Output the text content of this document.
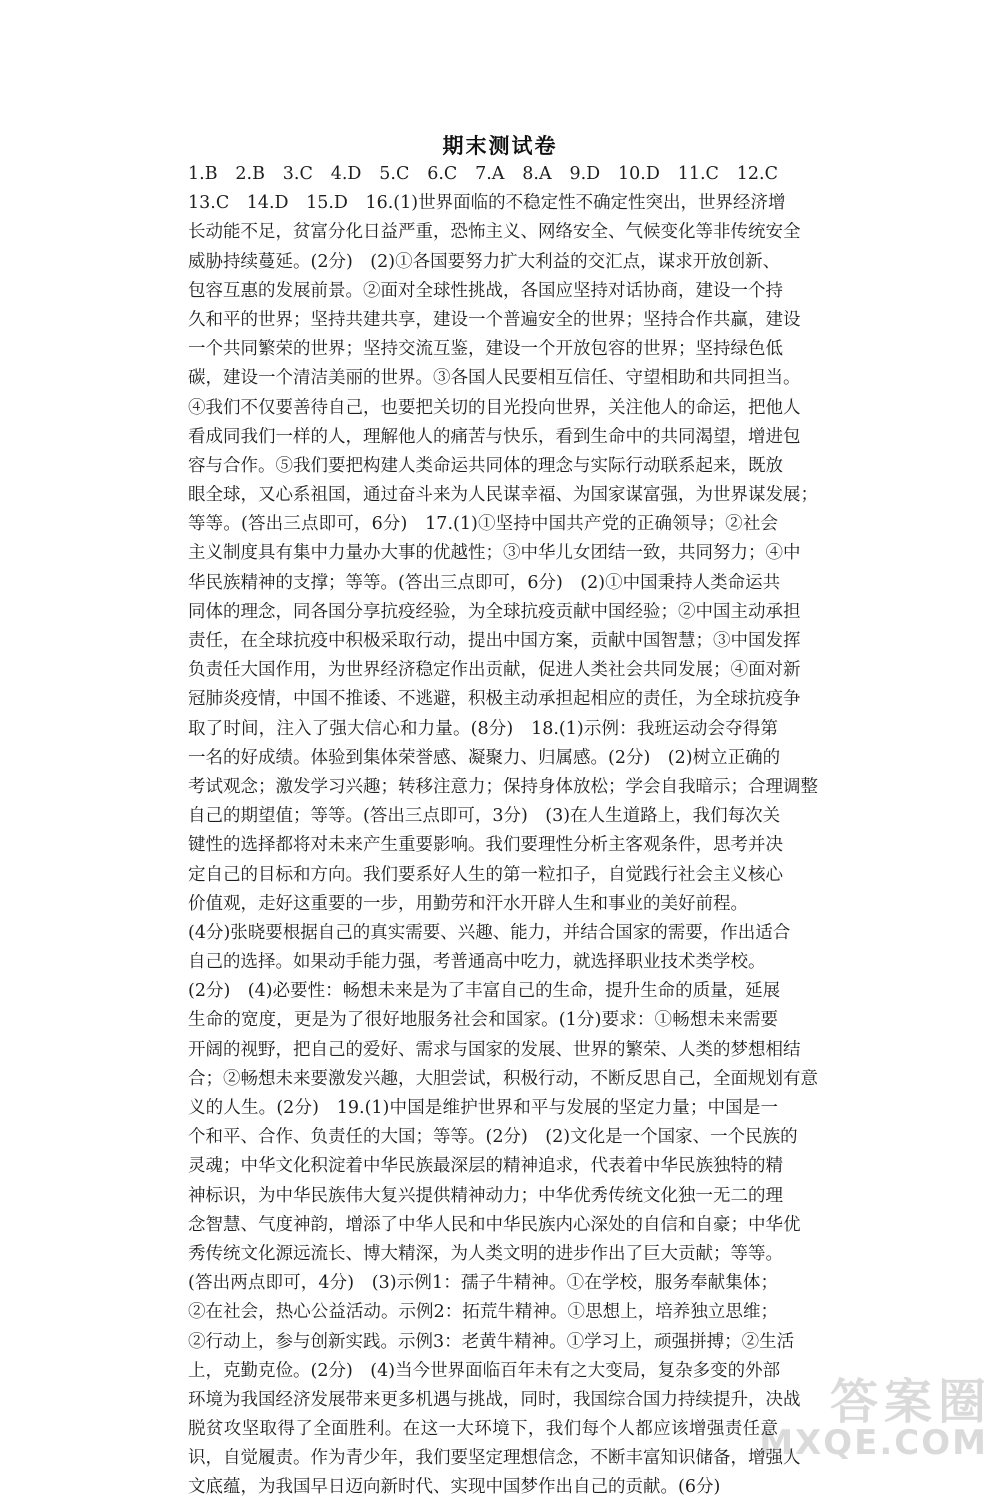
期末测试卷
1.B　2.B　3.C　4.D　5.C　6.C　7.A　8.A　9.D　10.D　11.C　12.C
13.C　14.D　15.D　16.(1)世界面临的不稳定性不确定性突出，世界经济增
长动能不足，贫富分化日益严重，恐怖主义、网络安全、气候变化等非传统安全
威胁持续蔓延。(2分)　(2)①各国要努力扩大利益的交汇点，谋求开放创新、
包容互惠的发展前景。②面对全球性挑战，各国应坚持对话协商，建设一个持
久和平的世界；坚持共建共享，建设一个普遍安全的世界；坚持合作共赢，建设
一个共同繁荣的世界；坚持交流互鉴，建设一个开放包容的世界；坚持绿色低
碳，建设一个清洁美丽的世界。③各国人民要相互信任、守望相助和共同担当。
④我们不仅要善待自己，也要把关切的目光投向世界，关注他人的命运，把他人
看成同我们一样的人，理解他人的痛苦与快乐，看到生命中的共同渴望，增进包
容与合作。⑤我们要把构建人类命运共同体的理念与实际行动联系起来，既放
眼全球，又心系祖国，通过奋斗来为人民谋幸福、为国家谋富强，为世界谋发展；
等等。(答出三点即可，6分)　17.(1)①坚持中国共产党的正确领导；②社会
主义制度具有集中力量办大事的优越性；③中华儿女团结一致，共同努力；④中
华民族精神的支撑；等等。(答出三点即可，6分)　(2)①中国秉持人类命运共
同体的理念，同各国分享抗疫经验，为全球抗疫贡献中国经验；②中国主动承担
责任，在全球抗疫中积极采取行动，提出中国方案，贡献中国智慧；③中国发挥
负责任大国作用，为世界经济稳定作出贡献，促进人类社会共同发展；④面对新
冠肺炎疫情，中国不推诿、不逃避，积极主动承担起相应的责任，为全球抗疫争
取了时间，注入了强大信心和力量。(8分)　18.(1)示例：我班运动会夺得第
一名的好成绩。体验到集体荣誉感、凝聚力、归属感。(2分)　(2)树立正确的
考试观念；激发学习兴趣；转移注意力；保持身体放松；学会自我暗示；合理调整
自己的期望值；等等。(答出三点即可，3分)　(3)在人生道路上，我们每次关
键性的选择都将对未来产生重要影响。我们要理性分析主客观条件，思考并决
定自己的目标和方向。我们要系好人生的第一粒扣子，自觉践行社会主义核心
价值观，走好这重要的一步，用勤劳和汗水开辟人生和事业的美好前程。
(4分)张晓要根据自己的真实需要、兴趣、能力，并结合国家的需要，作出适合
自己的选择。如果动手能力强，考普通高中吃力，就选择职业技术类学校。
(2分)　(4)必要性：畅想未来是为了丰富自己的生命，提升生命的质量，延展
生命的宽度，更是为了很好地服务社会和国家。(1分)要求：①畅想未来需要
开阔的视野，把自己的爱好、需求与国家的发展、世界的繁荣、人类的梦想相结
合；②畅想未来要激发兴趣，大胆尝试，积极行动，不断反思自己，全面规划有意
义的人生。(2分)　19.(1)中国是维护世界和平与发展的坚定力量；中国是一
个和平、合作、负责任的大国；等等。(2分)　(2)文化是一个国家、一个民族的
灵魂；中华文化积淀着中华民族最深层的精神追求，代表着中华民族独特的精
神标识，为中华民族伟大复兴提供精神动力；中华优秀传统文化独一无二的理
念智慧、气度神韵，增添了中华人民和中华民族内心深处的自信和自豪；中华优
秀传统文化源远流长、博大精深，为人类文明的进步作出了巨大贡献；等等。
(答出两点即可，4分)　(3)示例1：孺子牛精神。①在学校，服务奉献集体；
②在社会，热心公益活动。示例2：拓荒牛精神。①思想上，培养独立思维；
②行动上，参与创新实践。示例3：老黄牛精神。①学习上，顽强拼搏；②生活
上，克勤克俭。(2分)　(4)当今世界面临百年未有之大变局，复杂多变的外部
环境为我国经济发展带来更多机遇与挑战，同时，我国综合国力持续提升，决战
脱贫攻坚取得了全面胜利。在这一大环境下，我们每个人都应该增强责任意
识，自觉履责。作为青少年，我们要坚定理想信念，不断丰富知识储备，增强人
文底蕴，为我国早日迈向新时代、实现中国梦作出自己的贡献。(6分)
答案圈
MXQE.COM
